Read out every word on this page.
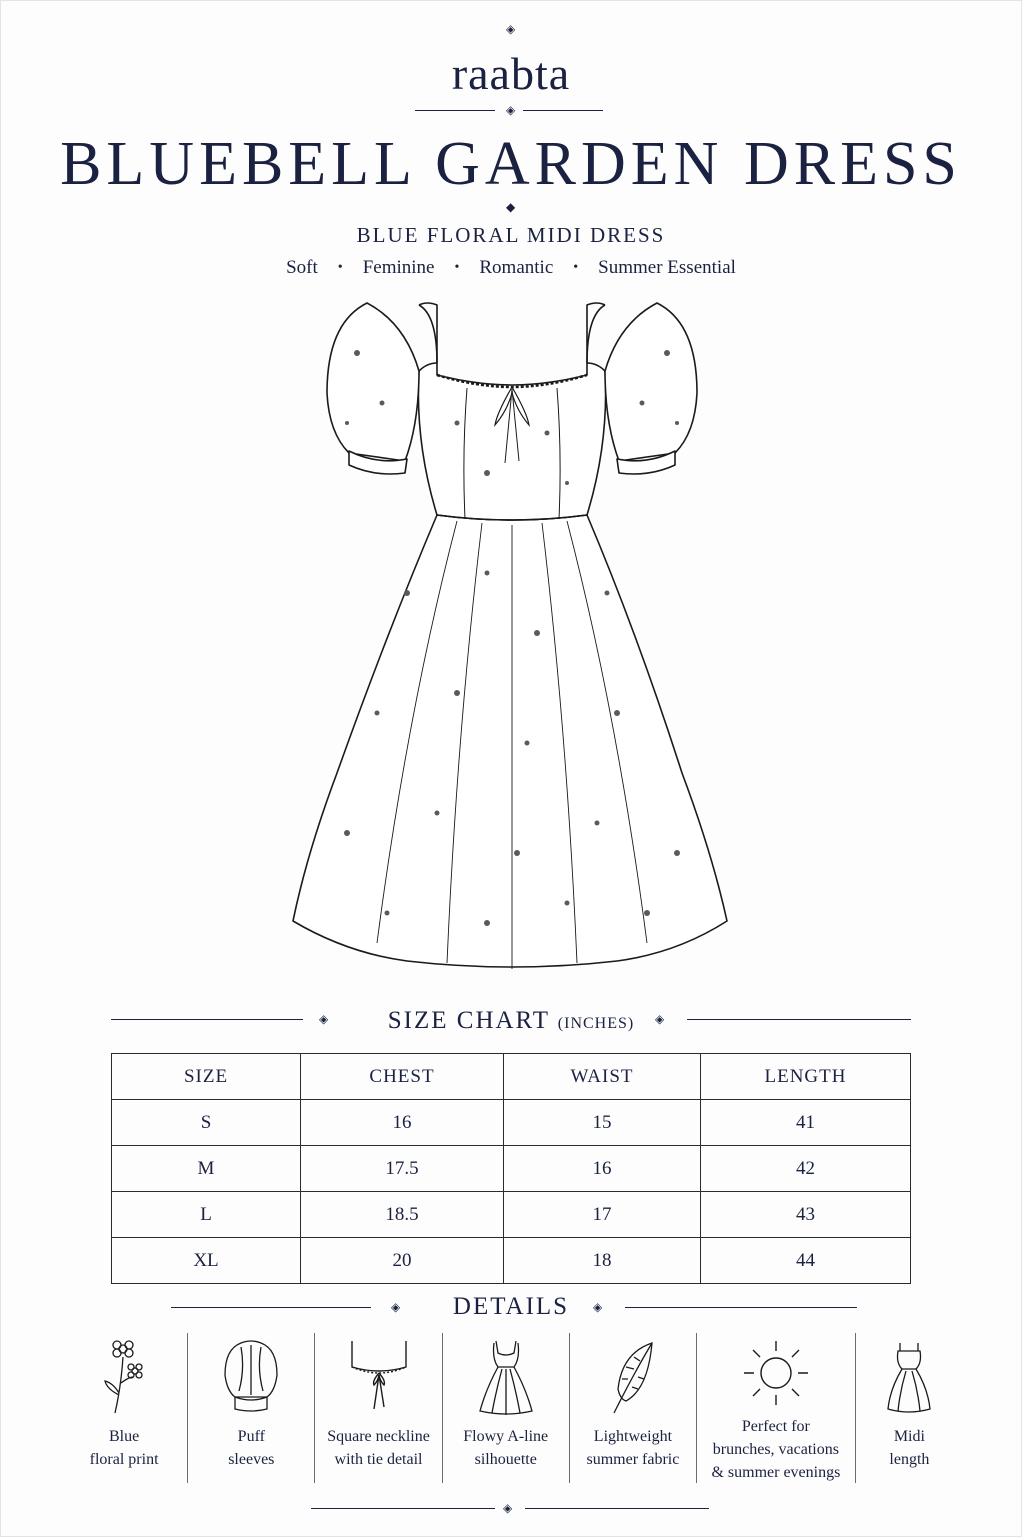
◈
raabta
◈
BLUEBELL GARDEN DRESS
◆
BLUE FLORAL MIDI DRESS
Soft • Feminine • Romantic • Summer Essential
◈	SIZE CHART (INCHES)	◈
SIZE	CHEST	WAIST	LENGTH
S	16	15	41
M	17.5	16	42
L	18.5	17	43
XL	20	18	44
◈	DETAILS	◈
Blue
floral print
Puff
sleeves
Square neckline
with tie detail
Flowy A-line
silhouette
Lightweight
summer fabric
Perfect for
brunches, vacations
& summer evenings
Midi
length
◈
